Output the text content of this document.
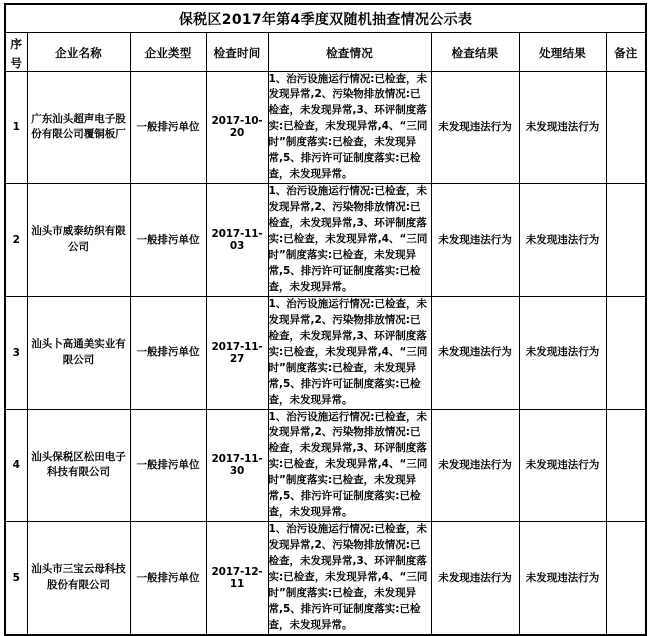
保税区2017年第4季度双随机抽查情况公示表							
序号	企业名称	企业类型	检查时间	检查情况	检查结果	处理结果	备注
1	广东汕头超声电子股份有限公司覆铜板厂	一般排污单位	2017-10-20	1、治污设施运行情况:已检查，未发现异常,2、污染物排放情况:已检查，未发现异常,3、环评制度落实:已检查，未发现异常,4、“三同时”制度落实:已检查，未发现异常,5、排污许可证制度落实:已检查，未发现异常。	未发现违法行为	未发现违法行为	
2	汕头市威泰纺织有限公司	一般排污单位	2017-11-03	1、治污设施运行情况:已检查，未发现异常,2、污染物排放情况:已检查，未发现异常,3、环评制度落实:已检查，未发现异常,4、“三同时”制度落实:已检查，未发现异常,5、排污许可证制度落实:已检查，未发现异常。	未发现违法行为	未发现违法行为	
3	汕头卜高通美实业有限公司	一般排污单位	2017-11-27	1、治污设施运行情况:已检查，未发现异常,2、污染物排放情况:已检查，未发现异常,3、环评制度落实:已检查，未发现异常,4、“三同时”制度落实:已检查，未发现异常,5、排污许可证制度落实:已检查，未发现异常。	未发现违法行为	未发现违法行为	
4	汕头保税区松田电子科技有限公司	一般排污单位	2017-11-30	1、治污设施运行情况:已检查，未发现异常,2、污染物排放情况:已检查，未发现异常,3、环评制度落实:已检查，未发现异常,4、“三同时”制度落实:已检查，未发现异常,5、排污许可证制度落实:已检查，未发现异常。	未发现违法行为	未发现违法行为	
5	汕头市三宝云母科技股份有限公司	一般排污单位	2017-12-11	1、治污设施运行情况:已检查，未发现异常,2、污染物排放情况:已检查，未发现异常,3、环评制度落实:已检查，未发现异常,4、“三同时”制度落实:已检查，未发现异常,5、排污许可证制度落实:已检查，未发现异常。	未发现违法行为	未发现违法行为	
